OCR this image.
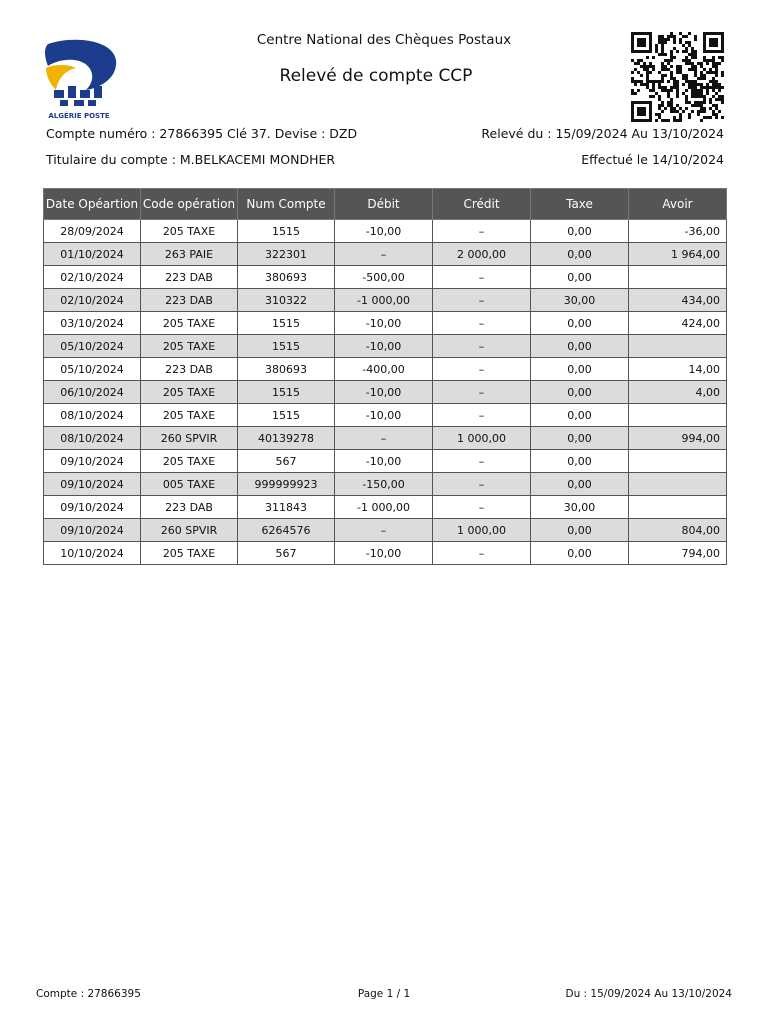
ALGÉRIE POSTE
Centre National des Chèques Postaux
Relevé de compte CCP
Compte numéro : 27866395 Clé 37. Devise : DZD	Relevé du : 15/09/2024 Au 13/10/2024
Titulaire du compte : M.BELKACEMI MONDHER	Effectué le 14/10/2024
Date Opéartion	Code opération	Num Compte	Débit	Crédit	Taxe	Avoir
28/09/2024	205 TAXE	1515	-10,00	–	0,00	-36,00
01/10/2024	263 PAIE	322301	–	2 000,00	0,00	1 964,00
02/10/2024	223 DAB	380693	-500,00	–	0,00	
02/10/2024	223 DAB	310322	-1 000,00	–	30,00	434,00
03/10/2024	205 TAXE	1515	-10,00	–	0,00	424,00
05/10/2024	205 TAXE	1515	-10,00	–	0,00	
05/10/2024	223 DAB	380693	-400,00	–	0,00	14,00
06/10/2024	205 TAXE	1515	-10,00	–	0,00	4,00
08/10/2024	205 TAXE	1515	-10,00	–	0,00	
08/10/2024	260 SPVIR	40139278	–	1 000,00	0,00	994,00
09/10/2024	205 TAXE	567	-10,00	–	0,00	
09/10/2024	005 TAXE	999999923	-150,00	–	0,00	
09/10/2024	223 DAB	311843	-1 000,00	–	30,00	
09/10/2024	260 SPVIR	6264576	–	1 000,00	0,00	804,00
10/10/2024	205 TAXE	567	-10,00	–	0,00	794,00
Compte : 27866395	Page 1 / 1	Du : 15/09/2024 Au 13/10/2024
